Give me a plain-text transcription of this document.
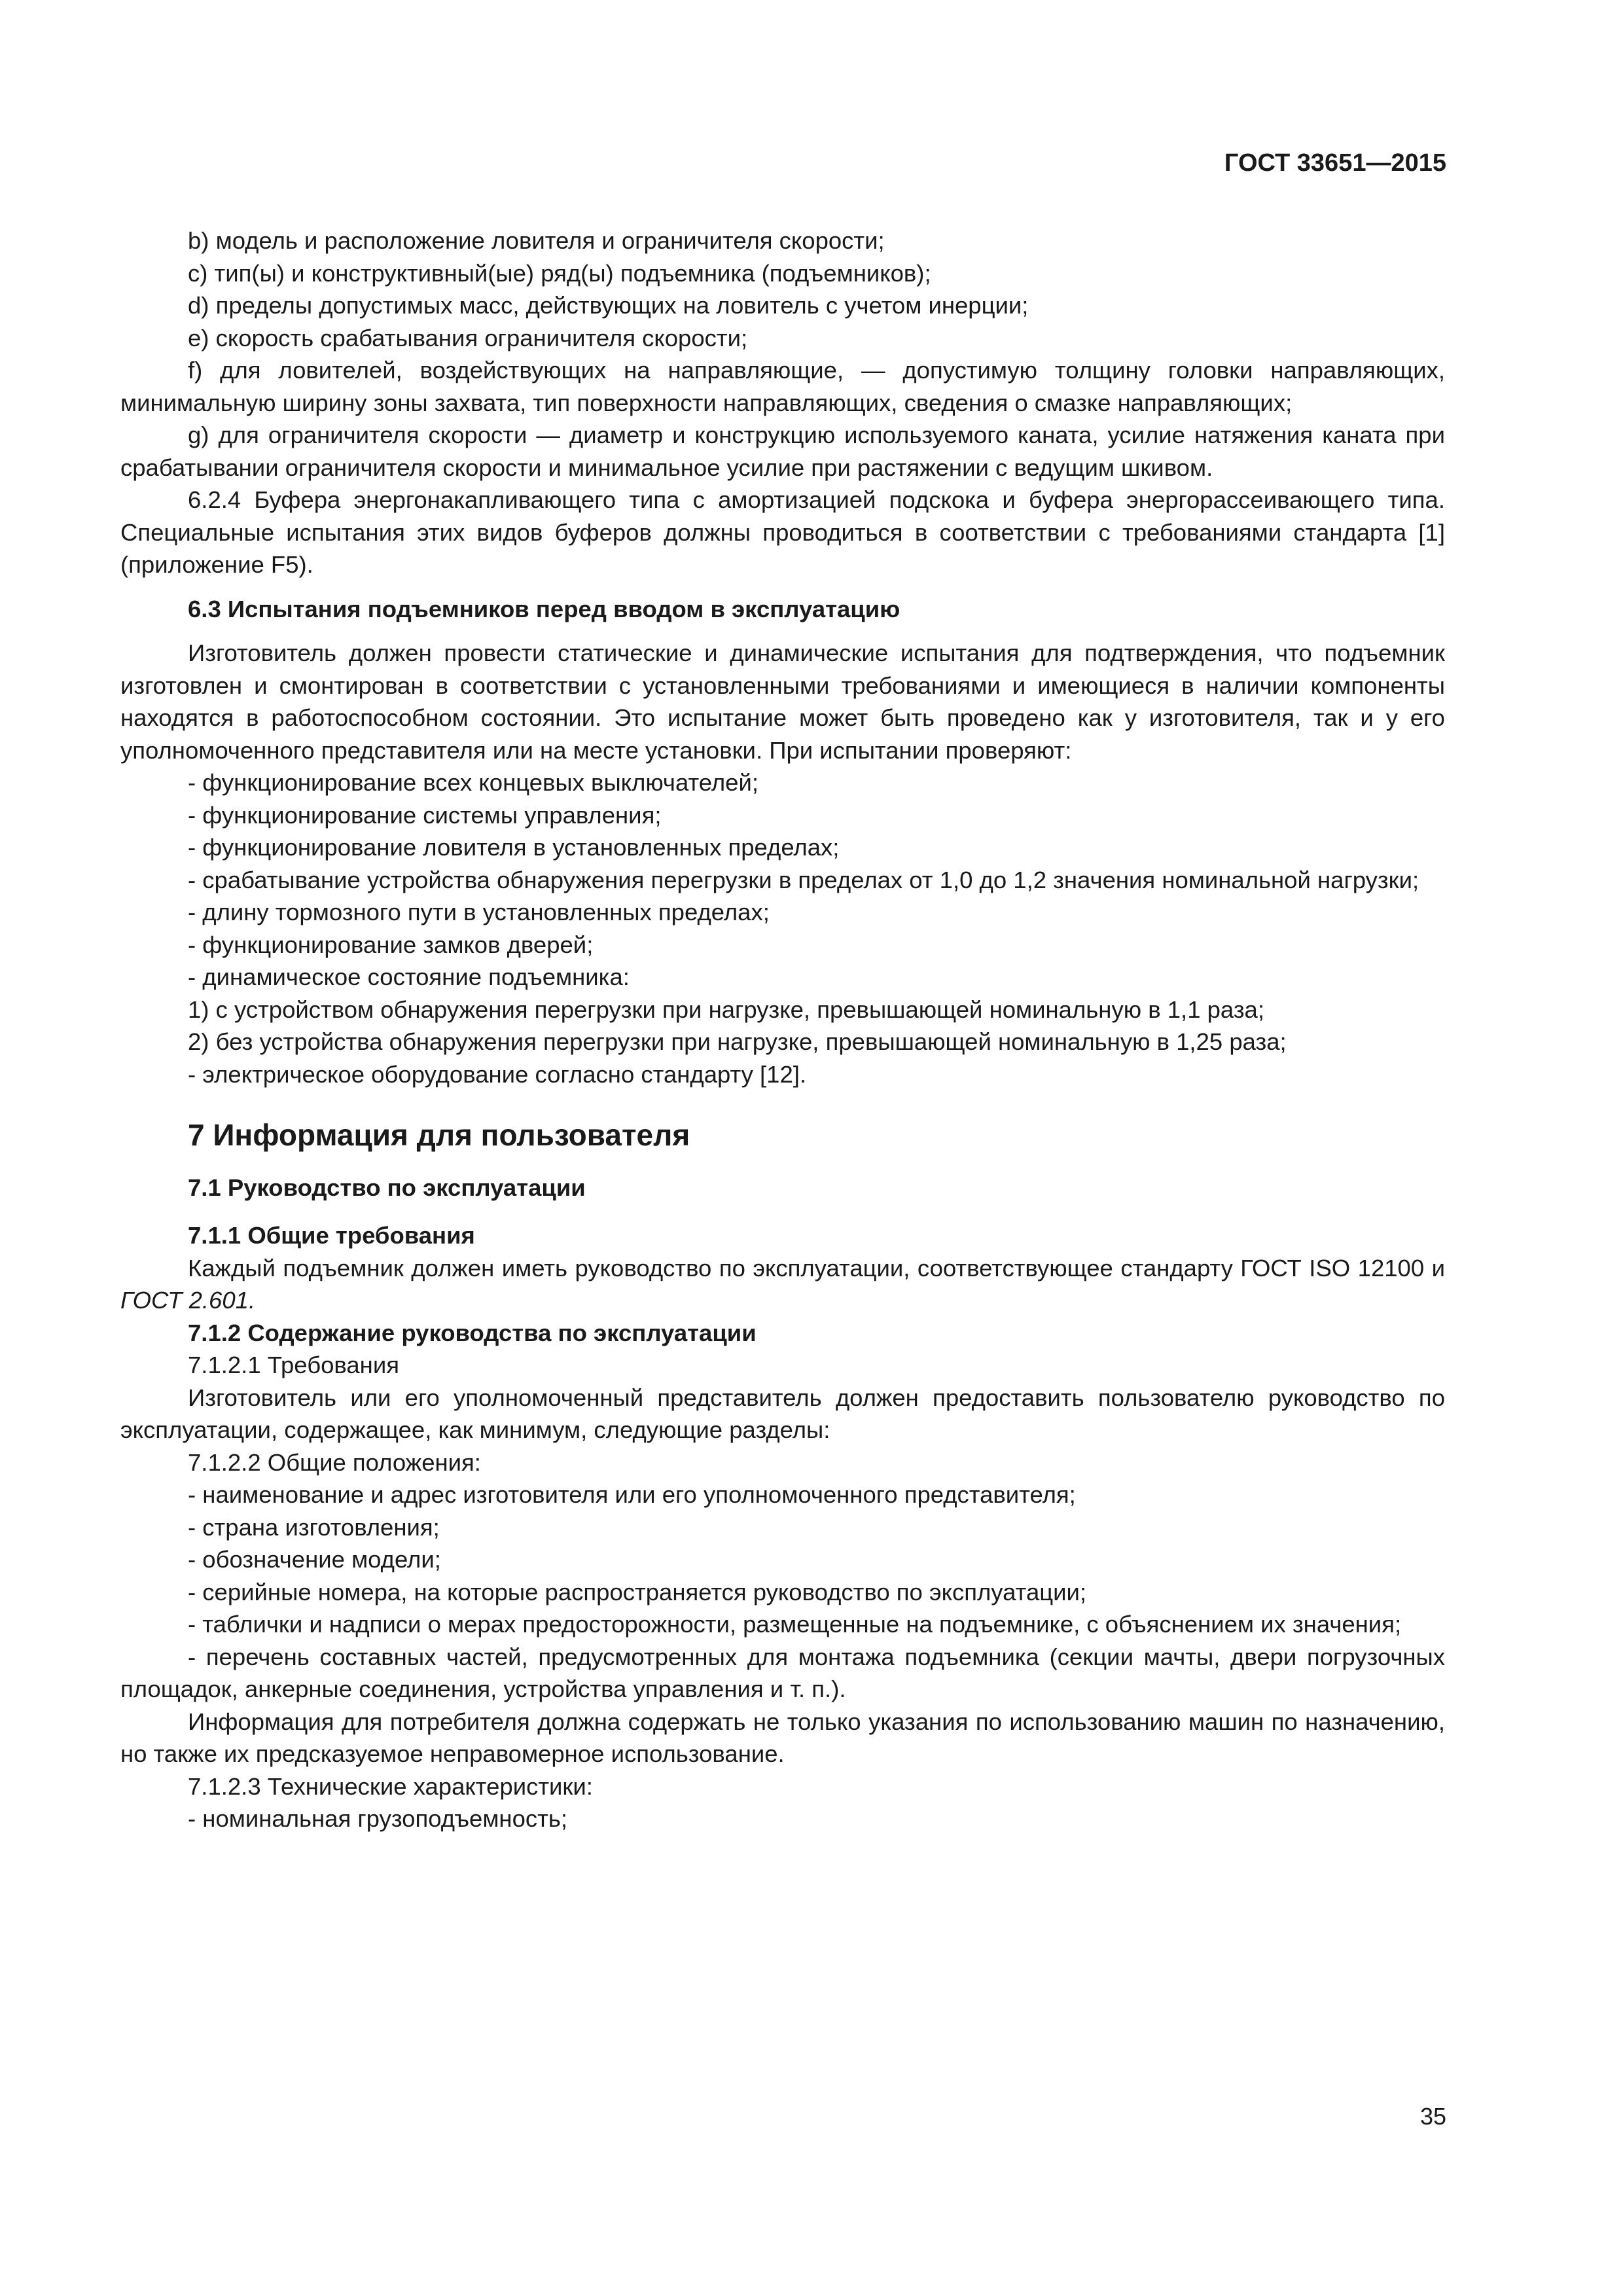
ГОСТ 33651—2015
b) модель и расположение ловителя и ограничителя скорости;
c) тип(ы) и конструктивный(ые) ряд(ы) подъемника (подъемников);
d) пределы допустимых масс, действующих на ловитель с учетом инерции;
e) скорость срабатывания ограничителя скорости;
f) для ловителей, воздействующих на направляющие, — допустимую толщину головки направляющих, минимальную ширину зоны захвата, тип поверхности направляющих, сведения о смазке направляющих;
g) для ограничителя скорости — диаметр и конструкцию используемого каната, усилие натяжения каната при срабатывании ограничителя скорости и минимальное усилие при растяжении с ведущим шкивом.
6.2.4 Буфера энергонакапливающего типа с амортизацией подскока и буфера энергорассеивающего типа. Специальные испытания этих видов буферов должны проводиться в соответствии с требованиями стандарта [1] (приложение F5).
6.3 Испытания подъемников перед вводом в эксплуатацию
Изготовитель должен провести статические и динамические испытания для подтверждения, что подъемник изготовлен и смонтирован в соответствии с установленными требованиями и имеющиеся в наличии компоненты находятся в работоспособном состоянии. Это испытание может быть проведено как у изготовителя, так и у его уполномоченного представителя или на месте установки. При испытании проверяют:
- функционирование всех концевых выключателей;
- функционирование системы управления;
- функционирование ловителя в установленных пределах;
- срабатывание устройства обнаружения перегрузки в пределах от 1,0 до 1,2 значения номинальной нагрузки;
- длину тормозного пути в установленных пределах;
- функционирование замков дверей;
- динамическое состояние подъемника:
1) с устройством обнаружения перегрузки при нагрузке, превышающей номинальную в 1,1 раза;
2) без устройства обнаружения перегрузки при нагрузке, превышающей номинальную в 1,25 раза;
- электрическое оборудование согласно стандарту [12].
7 Информация для пользователя
7.1 Руководство по эксплуатации
7.1.1 Общие требования
Каждый подъемник должен иметь руководство по эксплуатации, соответствующее стандарту ГОСТ ISO 12100 и ГОСТ 2.601.
7.1.2 Содержание руководства по эксплуатации
7.1.2.1 Требования
Изготовитель или его уполномоченный представитель должен предоставить пользователю руководство по эксплуатации, содержащее, как минимум, следующие разделы:
7.1.2.2 Общие положения:
- наименование и адрес изготовителя или его уполномоченного представителя;
- страна изготовления;
- обозначение модели;
- серийные номера, на которые распространяется руководство по эксплуатации;
- таблички и надписи о мерах предосторожности, размещенные на подъемнике, с объяснением их значения;
- перечень составных частей, предусмотренных для монтажа подъемника (секции мачты, двери погрузочных площадок, анкерные соединения, устройства управления и т. п.).
Информация для потребителя должна содержать не только указания по использованию машин по назначению, но также их предсказуемое неправомерное использование.
7.1.2.3 Технические характеристики:
- номинальная грузоподъемность;
35
